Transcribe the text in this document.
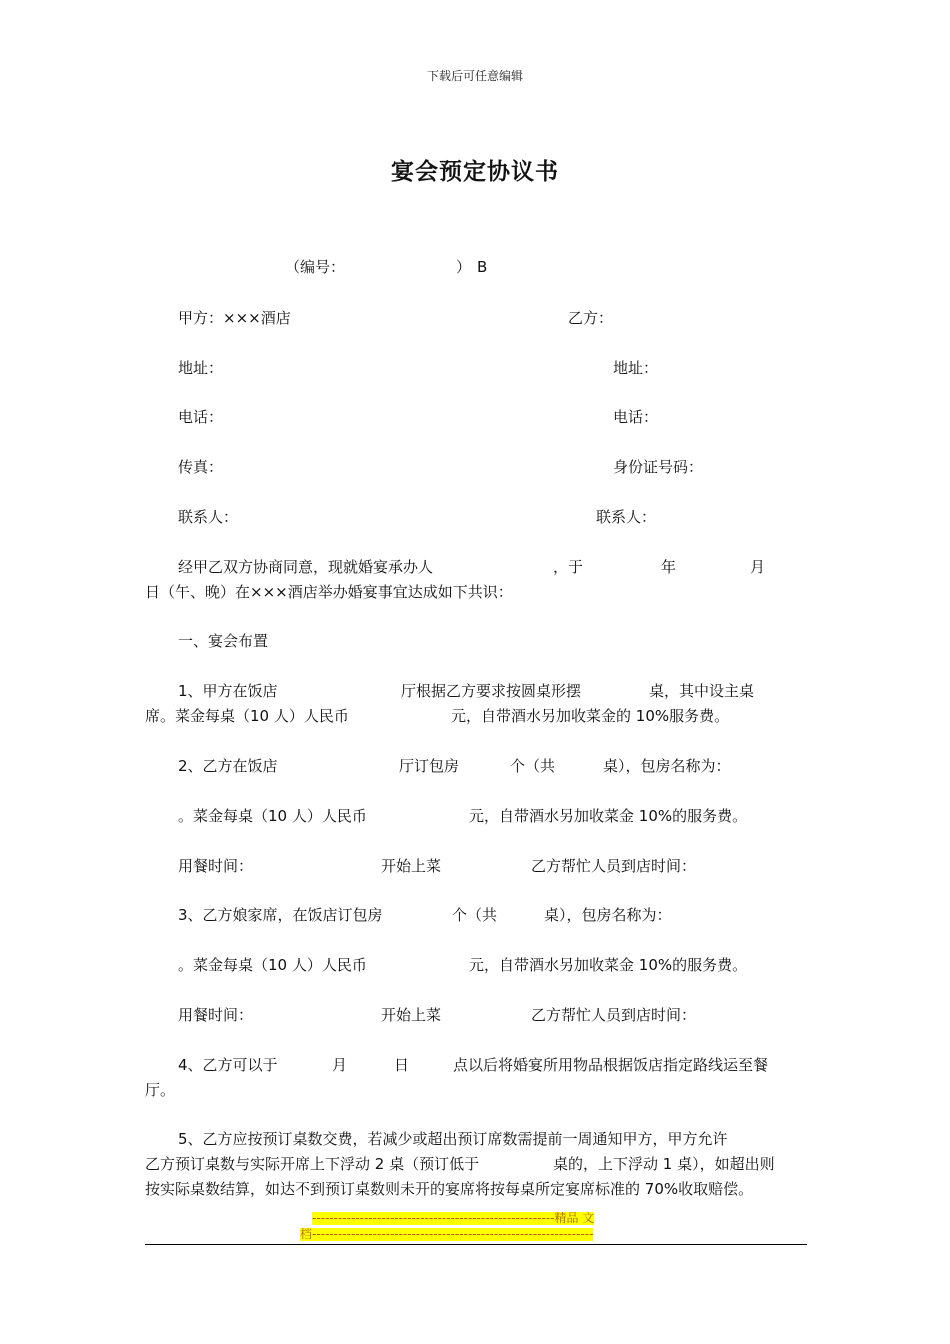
下载后可任意编辑
宴会预定协议书
（编号：	） B
甲方：×××酒店	乙方：
地址：	地址：
电话：	电话：
传真：	身份证号码：
联系人：	联系人：
经甲乙双方协商同意，现就婚宴承办人	，于	年	月
日（午、晚）在×××酒店举办婚宴事宜达成如下共识：
一、宴会布置
1、甲方在饭店	厅根据乙方要求按圆桌形摆	桌，其中设主桌
席。菜金每桌（10 人）人民币	元，自带酒水另加收菜金的 10%服务费。
2、乙方在饭店	厅订包房	个（共	桌），包房名称为：
。菜金每桌（10 人）人民币	元，自带酒水另加收菜金 10%的服务费。
用餐时间：	开始上菜	乙方帮忙人员到店时间：
3、乙方娘家席，在饭店订包房	个（共	桌），包房名称为：
。菜金每桌（10 人）人民币	元，自带酒水另加收菜金 10%的服务费。
用餐时间：	开始上菜	乙方帮忙人员到店时间：
4、乙方可以于	月	日	点以后将婚宴所用物品根据饭店指定路线运至餐
厅。
5、乙方应按预订桌数交费，若减少或超出预订席数需提前一周通知甲方，甲方允许
乙方预订桌数与实际开席上下浮动 2 桌（预订低于	桌的，上下浮动 1 桌），如超出则
按实际桌数结算，如达不到预订桌数则未开的宴席将按每桌所定宴席标准的 70%收取赔偿。
--------------------------------------------------------精品 文
档-----------------------------------------------------------------
